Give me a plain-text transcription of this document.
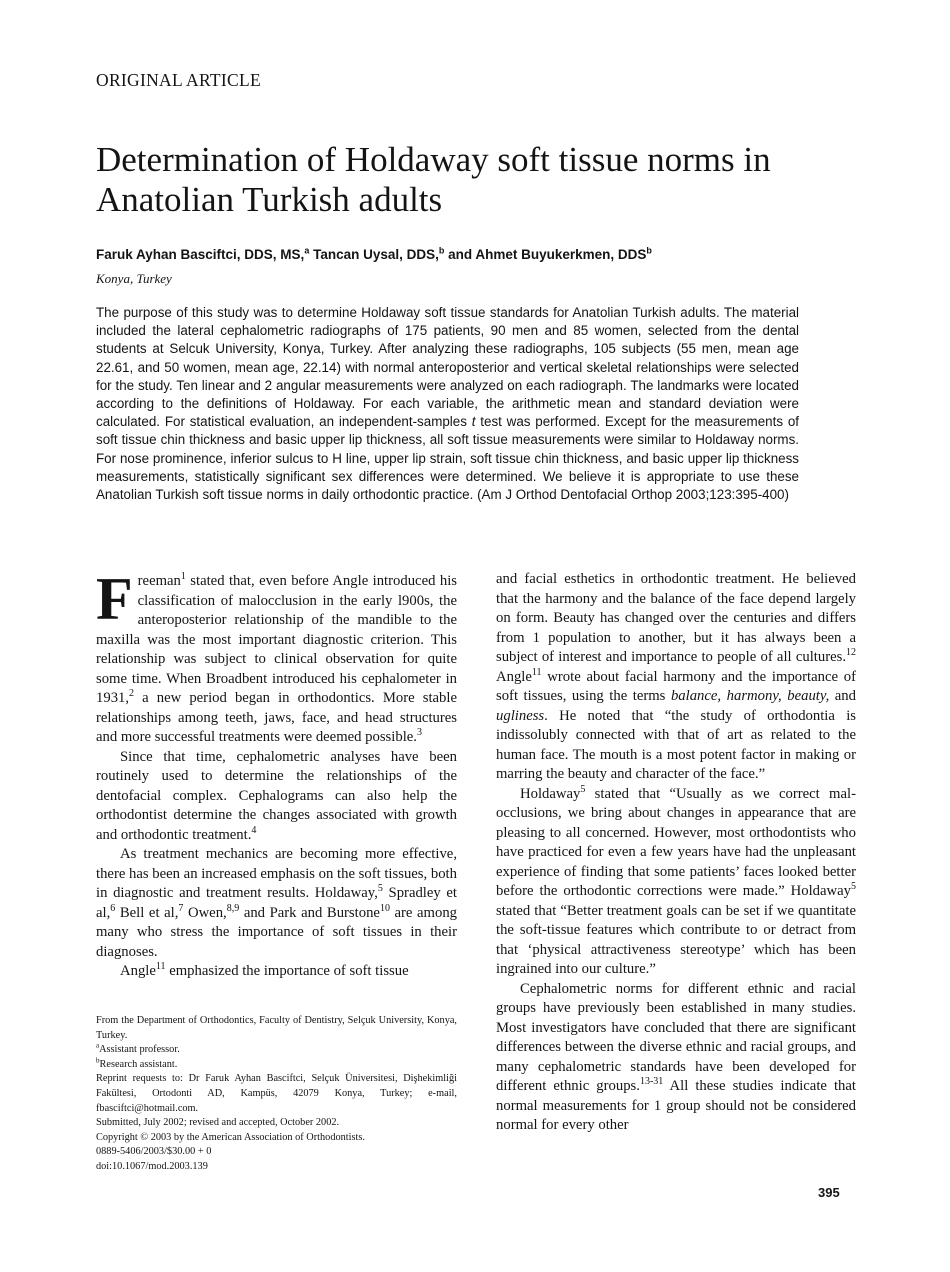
ORIGINAL ARTICLE
Determination of Holdaway soft tissue norms in Anatolian Turkish adults
Faruk Ayhan Basciftci, DDS, MS,$^a$ Tancan Uysal, DDS,$^b$ and Ahmet Buyukerkmen, DDS$^b$
Konya, Turkey
The purpose of this study was to determine Holdaway soft tissue standards for Anatolian Turkish adults. The material included the lateral cephalometric radiographs of 175 patients, 90 men and 85 women, selected from the dental students at Selcuk University, Konya, Turkey. After analyzing these radiographs, 105 subjects (55 men, mean age 22.61, and 50 women, mean age, 22.14) with normal anteroposterior and vertical skeletal relationships were selected for the study. Ten linear and 2 angular measurements were analyzed on each radiograph. The landmarks were located according to the definitions of Holdaway. For each variable, the arithmetic mean and standard deviation were calculated. For statistical evaluation, an independent-samples t test was performed. Except for the measurements of soft tissue chin thickness and basic upper lip thickness, all soft tissue measurements were similar to Holdaway norms. For nose prominence, inferior sulcus to H line, upper lip strain, soft tissue chin thickness, and basic upper lip thickness measurements, statistically significant sex differences were determined. We believe it is appropriate to use these Anatolian Turkish soft tissue norms in daily orthodontic practice. (Am J Orthod Dentofacial Orthop 2003;123:395-400)

Freeman$^1$ stated that, even before Angle introduced his classification of malocclusion in the early l900s, the anteroposterior relationship of the mandible to the maxilla was the most important diagnostic criterion. This relationship was subject to clinical observation for quite some time. When Broadbent introduced his cephalometer in 1931,$^2$ a new period began in orthodontics. More stable relationships among teeth, jaws, face, and head structures and more successful treatments were deemed possible.$^3$

Since that time, cephalometric analyses have been routinely used to determine the relationships of the dentofacial complex. Cephalograms can also help the orthodontist determine the changes associated with growth and orthodontic treatment.$^4$

As treatment mechanics are becoming more effective, there has been an increased emphasis on the soft tissues, both in diagnostic and treatment results. Holdaway,$^5$ Spradley et al,$^6$ Bell et al,$^7$ Owen,$^{8,9}$ and Park and Burstone$^{10}$ are among many who stress the importance of soft tissues in their diagnoses.

Angle$^{11}$ emphasized the importance of soft tissue

From the Department of Orthodontics, Faculty of Dentistry, Selçuk University, Konya, Turkey.
$^a$Assistant professor.
$^b$Research assistant.
Reprint requests to: Dr Faruk Ayhan Basciftci, Selçuk Üniversitesi, Dişhekimliği Fakültesi, Ortodonti AD, Kampüs, 42079 Konya, Turkey; e-mail, fbasciftci@hotmail.com.
Submitted, July 2002; revised and accepted, October 2002.
Copyright © 2003 by the American Association of Orthodontists.
0889-5406/2003/$30.00 + 0
doi:10.1067/mod.2003.139

and facial esthetics in orthodontic treatment. He believed that the harmony and the balance of the face depend largely on form. Beauty has changed over the centuries and differs from 1 population to another, but it has always been a subject of interest and importance to people of all cultures.$^{12}$ Angle$^{11}$ wrote about facial harmony and the importance of soft tissues, using the terms balance, harmony, beauty, and ugliness. He noted that “the study of orthodontia is indissolubly connected with that of art as related to the human face. The mouth is a most potent factor in making or marring the beauty and character of the face.”

Holdaway$^5$ stated that “Usually as we correct malocclusions, we bring about changes in appearance that are pleasing to all concerned. However, most orthodontists who have practiced for even a few years have had the unpleasant experience of finding that some patients’ faces looked better before the orthodontic corrections were made.” Holdaway$^5$ stated that “Better treatment goals can be set if we quantitate the soft-tissue features which contribute to or detract from that ‘physical attractiveness stereotype’ which has been ingrained into our culture.”

Cephalometric norms for different ethnic and racial groups have previously been established in many studies. Most investigators have concluded that there are significant differences between the diverse ethnic and racial groups, and many cephalometric standards have been developed for different ethnic groups.$^{13-31}$ All these studies indicate that normal measurements for 1 group should not be considered normal for every other

395
